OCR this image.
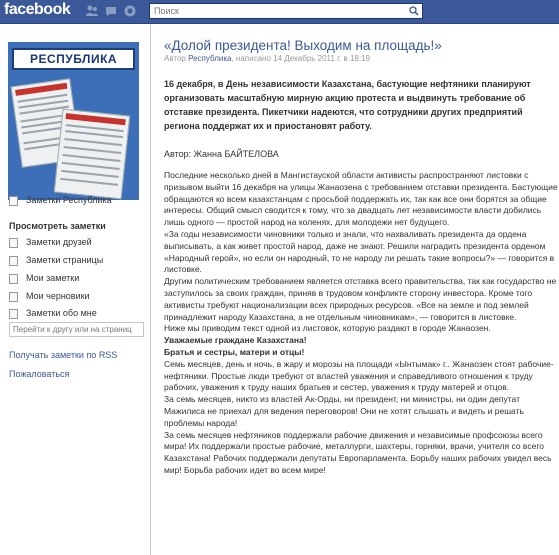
facebook
Поиск
РЕСПУБЛИКА
Заметки Республика
Просмотреть заметки
Заметки друзей
Заметки страницы
Мои заметки
Мои черновики
Заметки обо мне
Перейти к другу или на страниц
Получать заметки по RSS
Пожаловаться
«Долой президента! Выходим на площадь!»
Автор Республика, написано 14 Декабрь 2011 г. в 18:19
16 декабря, в День независимости Казахстана, бастующие нефтяники планируют организовать масштабную мирную акцию протеста и выдвинуть требование об отставке президента. Пикетчики надеются, что сотрудники других предприятий региона поддержат их и приостановят работу.
Автор: Жанна БАЙТЕЛОВА

Последние несколько дней в Мангистауской области активисты распространяют листовки с призывом выйти 16 декабря на улицы Жанаозена с требованием отставки президента. Бастующие обращаются ко всем казахстанцам с просьбой поддержать их, так как все они борятся за общие интересы. Общий смысл сводится к тому, что за двадцать лет независимости власти добились лишь одного — простой народ на коленях, для молодежи нет будущего.

«За годы независимости чиновники только и знали, что нахваливать президента да ордена выписывать, а как живет простой народ, даже не знают. Решили наградить президента орденом «Народный герой», но если он народный, то не народу ли решать такие вопросы?» — говорится в листовке.

Другим политическим требованием является отставка всего правительства, так как государство не заступилось за своих граждан, приняв в трудовом конфликте сторону инвестора. Кроме того активисты требуют национализации всех природных ресурсов. «Все на земле и под землей принадлежит народу Казахстана, а не отдельным чиновникам», — говорится в листовке.

Ниже мы приводим текст одной из листовок, которую раздают в городе Жанаозен.

Уважаемые граждане Казахстана!

Братья и сестры, матери и отцы!

Семь месяцев, день и ночь, в жару и морозы на площади «Ынтымак» г.. Жанаозен стоят рабочие-нефтяники. Простые люди требуют от властей уважения и справедливого отношения к труду рабочих, уважения к труду наших братьев и сестер, уважения к труду матерей и отцов.

За семь месяцев, никто из властей Ак-Орды, ни президент, ни министры, ни один депутат Мажилиса не приехал для ведения переговоров! Они не хотят слышать и видеть и решать проблемы народа!

За семь месяцев нефтяников поддержали рабочие движения и независимые профсоюзы всего мира! Их поддержали простые рабочие, металлурги, шахтеры, горняки, врачи, учителя со всего Казахстана! Рабочих поддержали депутаты Европарламента. Борьбу наших рабочих увидел весь мир! Борьба рабочих идет во всем мире!
